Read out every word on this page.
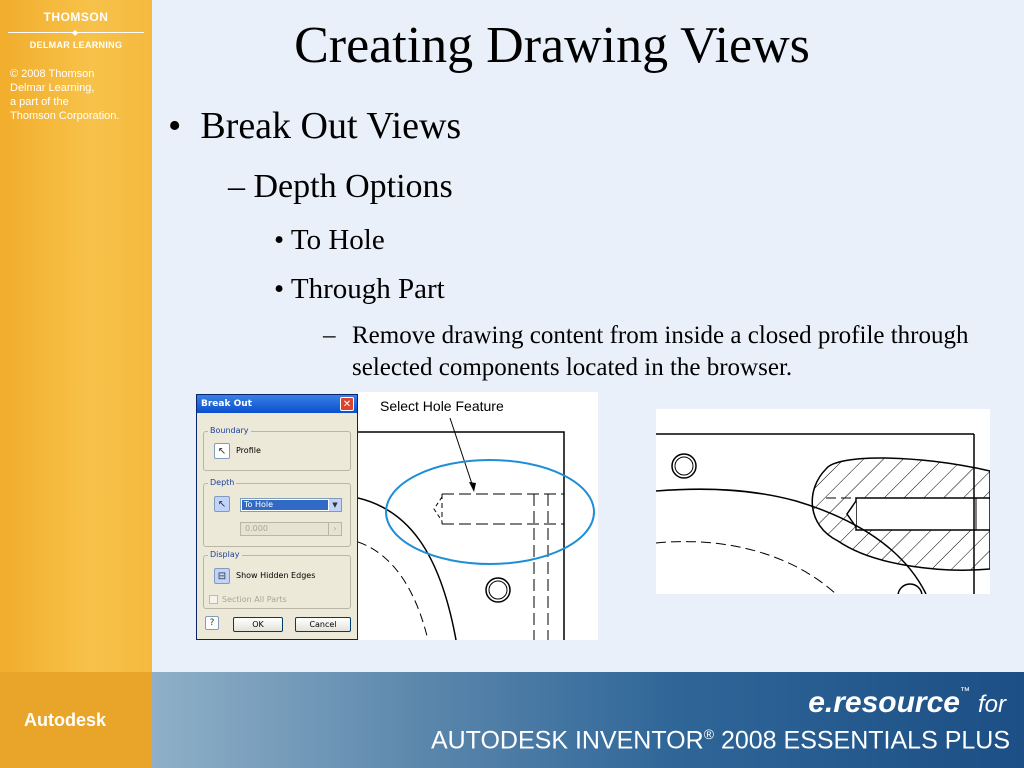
THOMSON
◆
DELMAR LEARNING
© 2008 Thomson
Delmar Learning,
a part of the
Thomson Corporation.
Creating Drawing Views
•  Break Out Views
– Depth Options
• To Hole
• Through Part
– Remove drawing content from inside a closed profile through selected components located in the browser.
Break Out	✕
Boundary
↖	Profile
Depth
↖	To Hole	▼
0.000	›
Display
⊟	Show Hidden Edges
Section All Parts
?	OK	Cancel
Select Hole Feature
Autodesk
e.resource™ for
AUTODESK INVENTOR® 2008 ESSENTIALS PLUS
